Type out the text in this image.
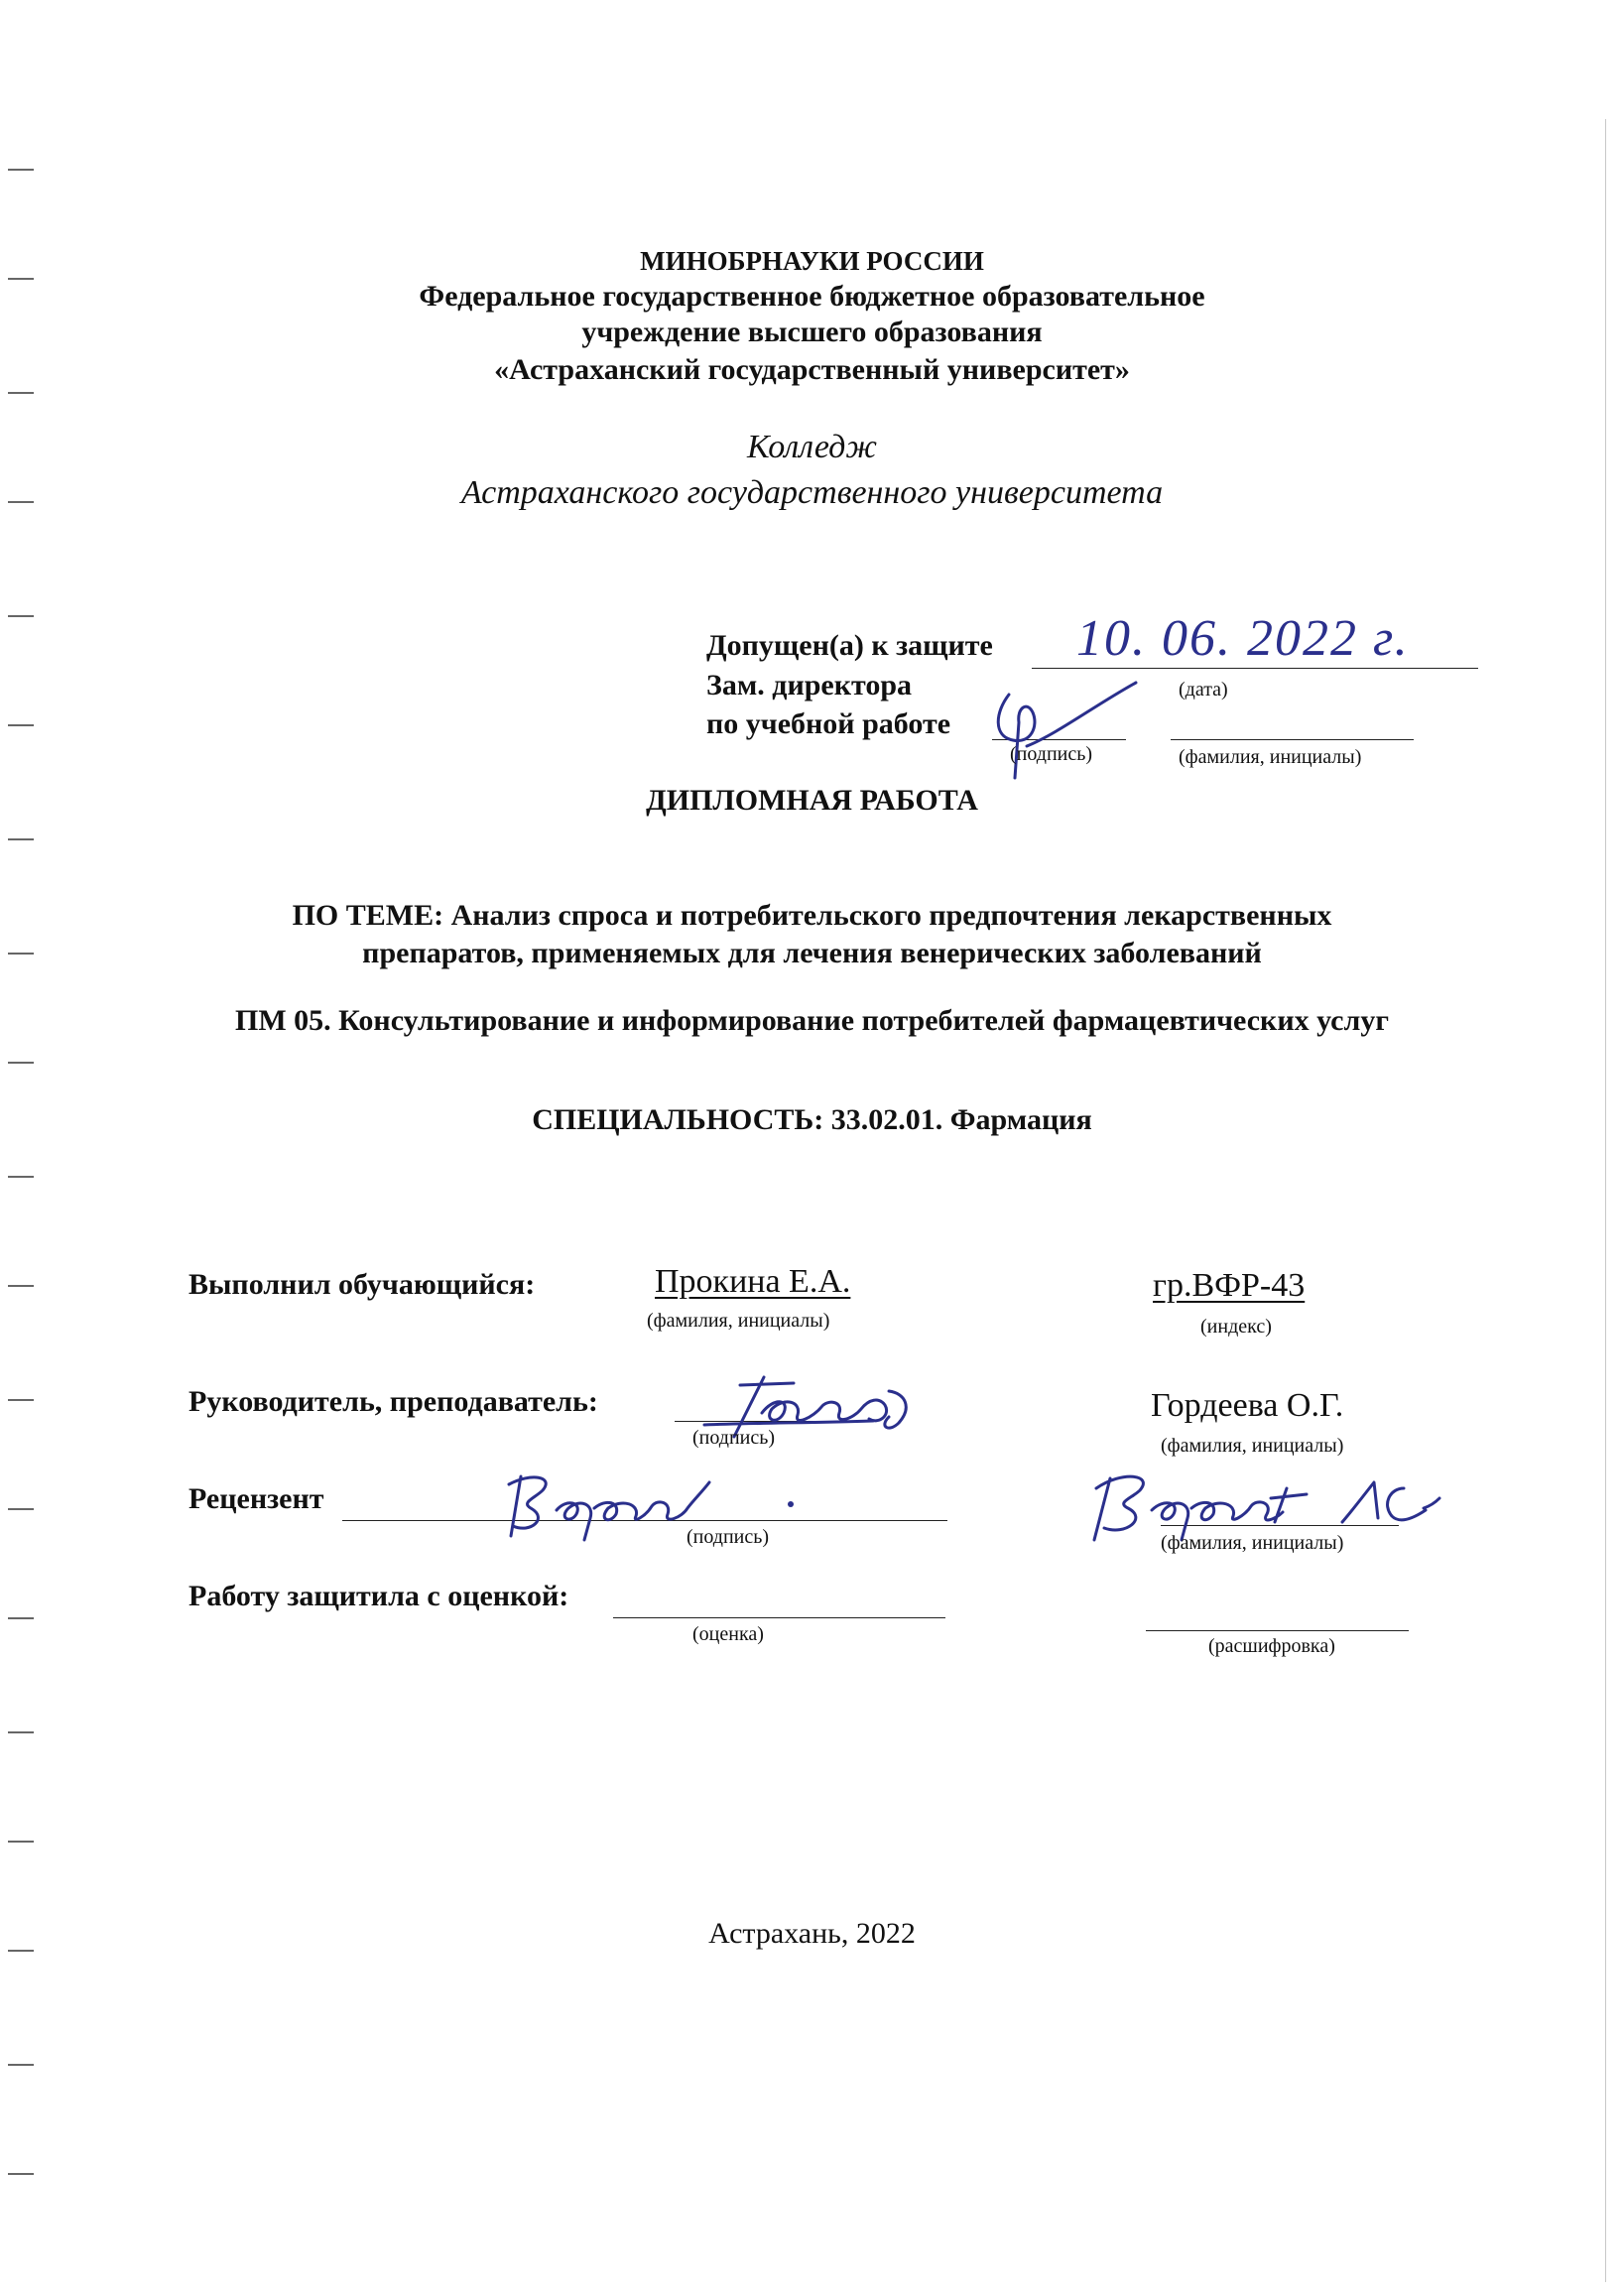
МИНОБРНАУКИ РОССИИ
Федеральное государственное бюджетное образовательное
учреждение высшего образования
«Астраханский государственный университет»
Колледж
Астраханского государственного университета
Допущен(а) к защите 10. 06. 2022 г.
(дата)
Зам. директора
по учебной работе
(подпись)	(фамилия, инициалы)
ДИПЛОМНАЯ РАБОТА
ПО ТЕМЕ: Анализ спроса и потребительского предпочтения лекарственных
препаратов, применяемых для лечения венерических заболеваний
ПМ 05. Консультирование и информирование потребителей фармацевтических услуг
СПЕЦИАЛЬНОСТЬ: 33.02.01. Фармация
Выполнил обучающийся:	Прокина Е.А.
(фамилия, инициалы)
гр.ВФР-43
(индекс)
Руководитель, преподаватель:
(подпись)
Гордеева О.Г.
(фамилия, инициалы)
Рецензент
(подпись)	(фамилия, инициалы)
Работу защитила с оценкой:
(оценка)
(расшифровка)
Астрахань, 2022
